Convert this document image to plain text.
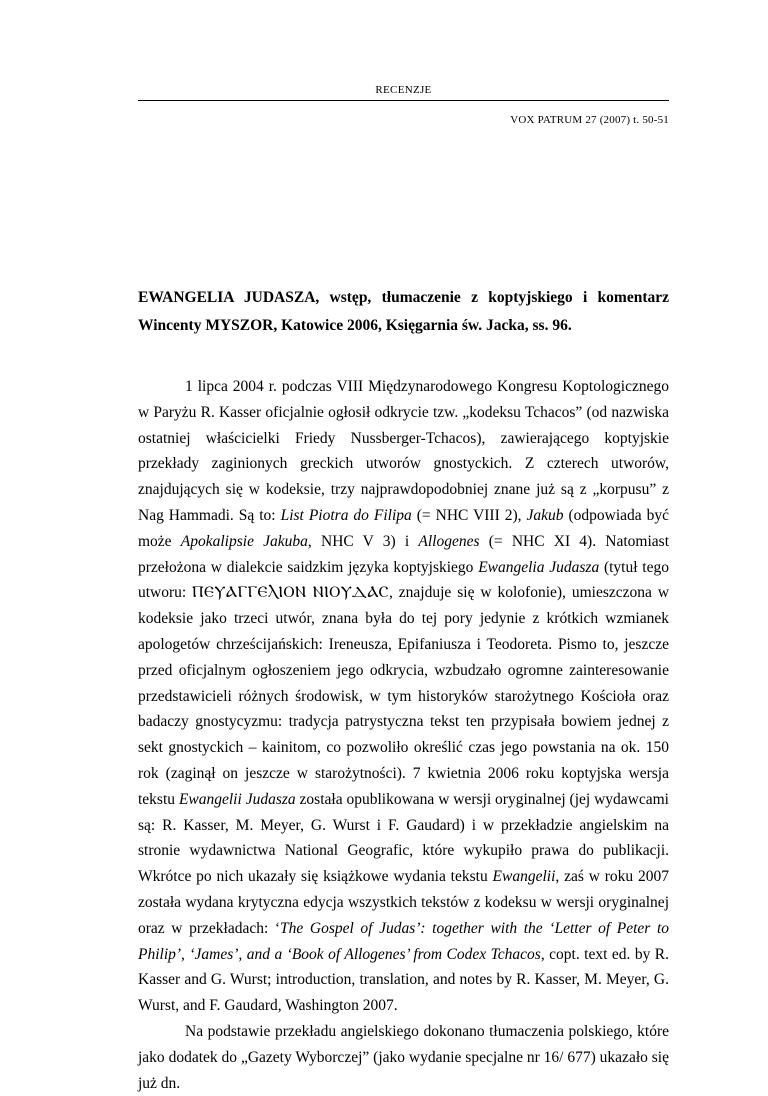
RECENZJE
VOX PATRUM 27 (2007) t. 50-51
EWANGELIA JUDASZA, wstęp, tłumaczenie z koptyjskiego i komentarz Wincenty MYSZOR, Katowice 2006, Księgarnia św. Jacka, ss. 96.

1 lipca 2004 r. podczas VIII Międzynarodowego Kongresu Koptologicznego w Paryżu R. Kasser oficjalnie ogłosił odkrycie tzw. „kodeksu Tchacos” (od nazwiska ostatniej właścicielki Friedy Nussberger-Tchacos), zawierającego koptyjskie przekłady zaginionych greckich utworów gnostyckich. Z czterech utworów, znajdujących się w kodeksie, trzy najprawdopodobniej znane już są z „korpusu” z Nag Hammadi. Są to: List Piotra do Filipa (= NHC VIII 2), Jakub (odpowiada być może Apokalipsie Jakuba, NHC V 3) i Allogenes (= NHC XI 4). Natomiast przełożona w dialekcie saidzkim języka koptyjskiego Ewangelia Judasza (tytuł tego utworu: ⲠⲈⲨⲀⲄⲄⲈⲖⲒⲞⲚ ⲚⲒⲞⲨⲆⲀⲤ, znajduje się w kolofonie), umieszczona w kodeksie jako trzeci utwór, znana była do tej pory jedynie z krótkich wzmianek apologetów chrześcijańskich: Ireneusza, Epifaniusza i Teodoreta. Pismo to, jeszcze przed oficjalnym ogłoszeniem jego odkrycia, wzbudzało ogromne zainteresowanie przedstawicieli różnych środowisk, w tym historyków starożytnego Kościoła oraz badaczy gnostycyzmu: tradycja patrystyczna tekst ten przypisała bowiem jednej z sekt gnostyckich – kainitom, co pozwoliło określić czas jego powstania na ok. 150 rok (zaginął on jeszcze w starożytności). 7 kwietnia 2006 roku koptyjska wersja tekstu Ewangelii Judasza została opublikowana w wersji oryginalnej (jej wydawcami są: R. Kasser, M. Meyer, G. Wurst i F. Gaudard) i w przekładzie angielskim na stronie wydawnictwa National Geografic, które wykupiło prawa do publikacji. Wkrótce po nich ukazały się książkowe wydania tekstu Ewangelii, zaś w roku 2007 została wydana krytyczna edycja wszystkich tekstów z kodeksu w wersji oryginalnej oraz w przekładach: ‘The Gospel of Judas’: together with the ‘Letter of Peter to Philip’, ‘James’, and a ‘Book of Allogenes’ from Codex Tchacos, copt. text ed. by R. Kasser and G. Wurst; introduction, translation, and notes by R. Kasser, M. Meyer, G. Wurst, and F. Gaudard, Washington 2007.

Na podstawie przekładu angielskiego dokonano tłumaczenia polskiego, które jako dodatek do „Gazety Wyborczej” (jako wydanie specjalne nr 16/ 677) ukazało się już dn.
